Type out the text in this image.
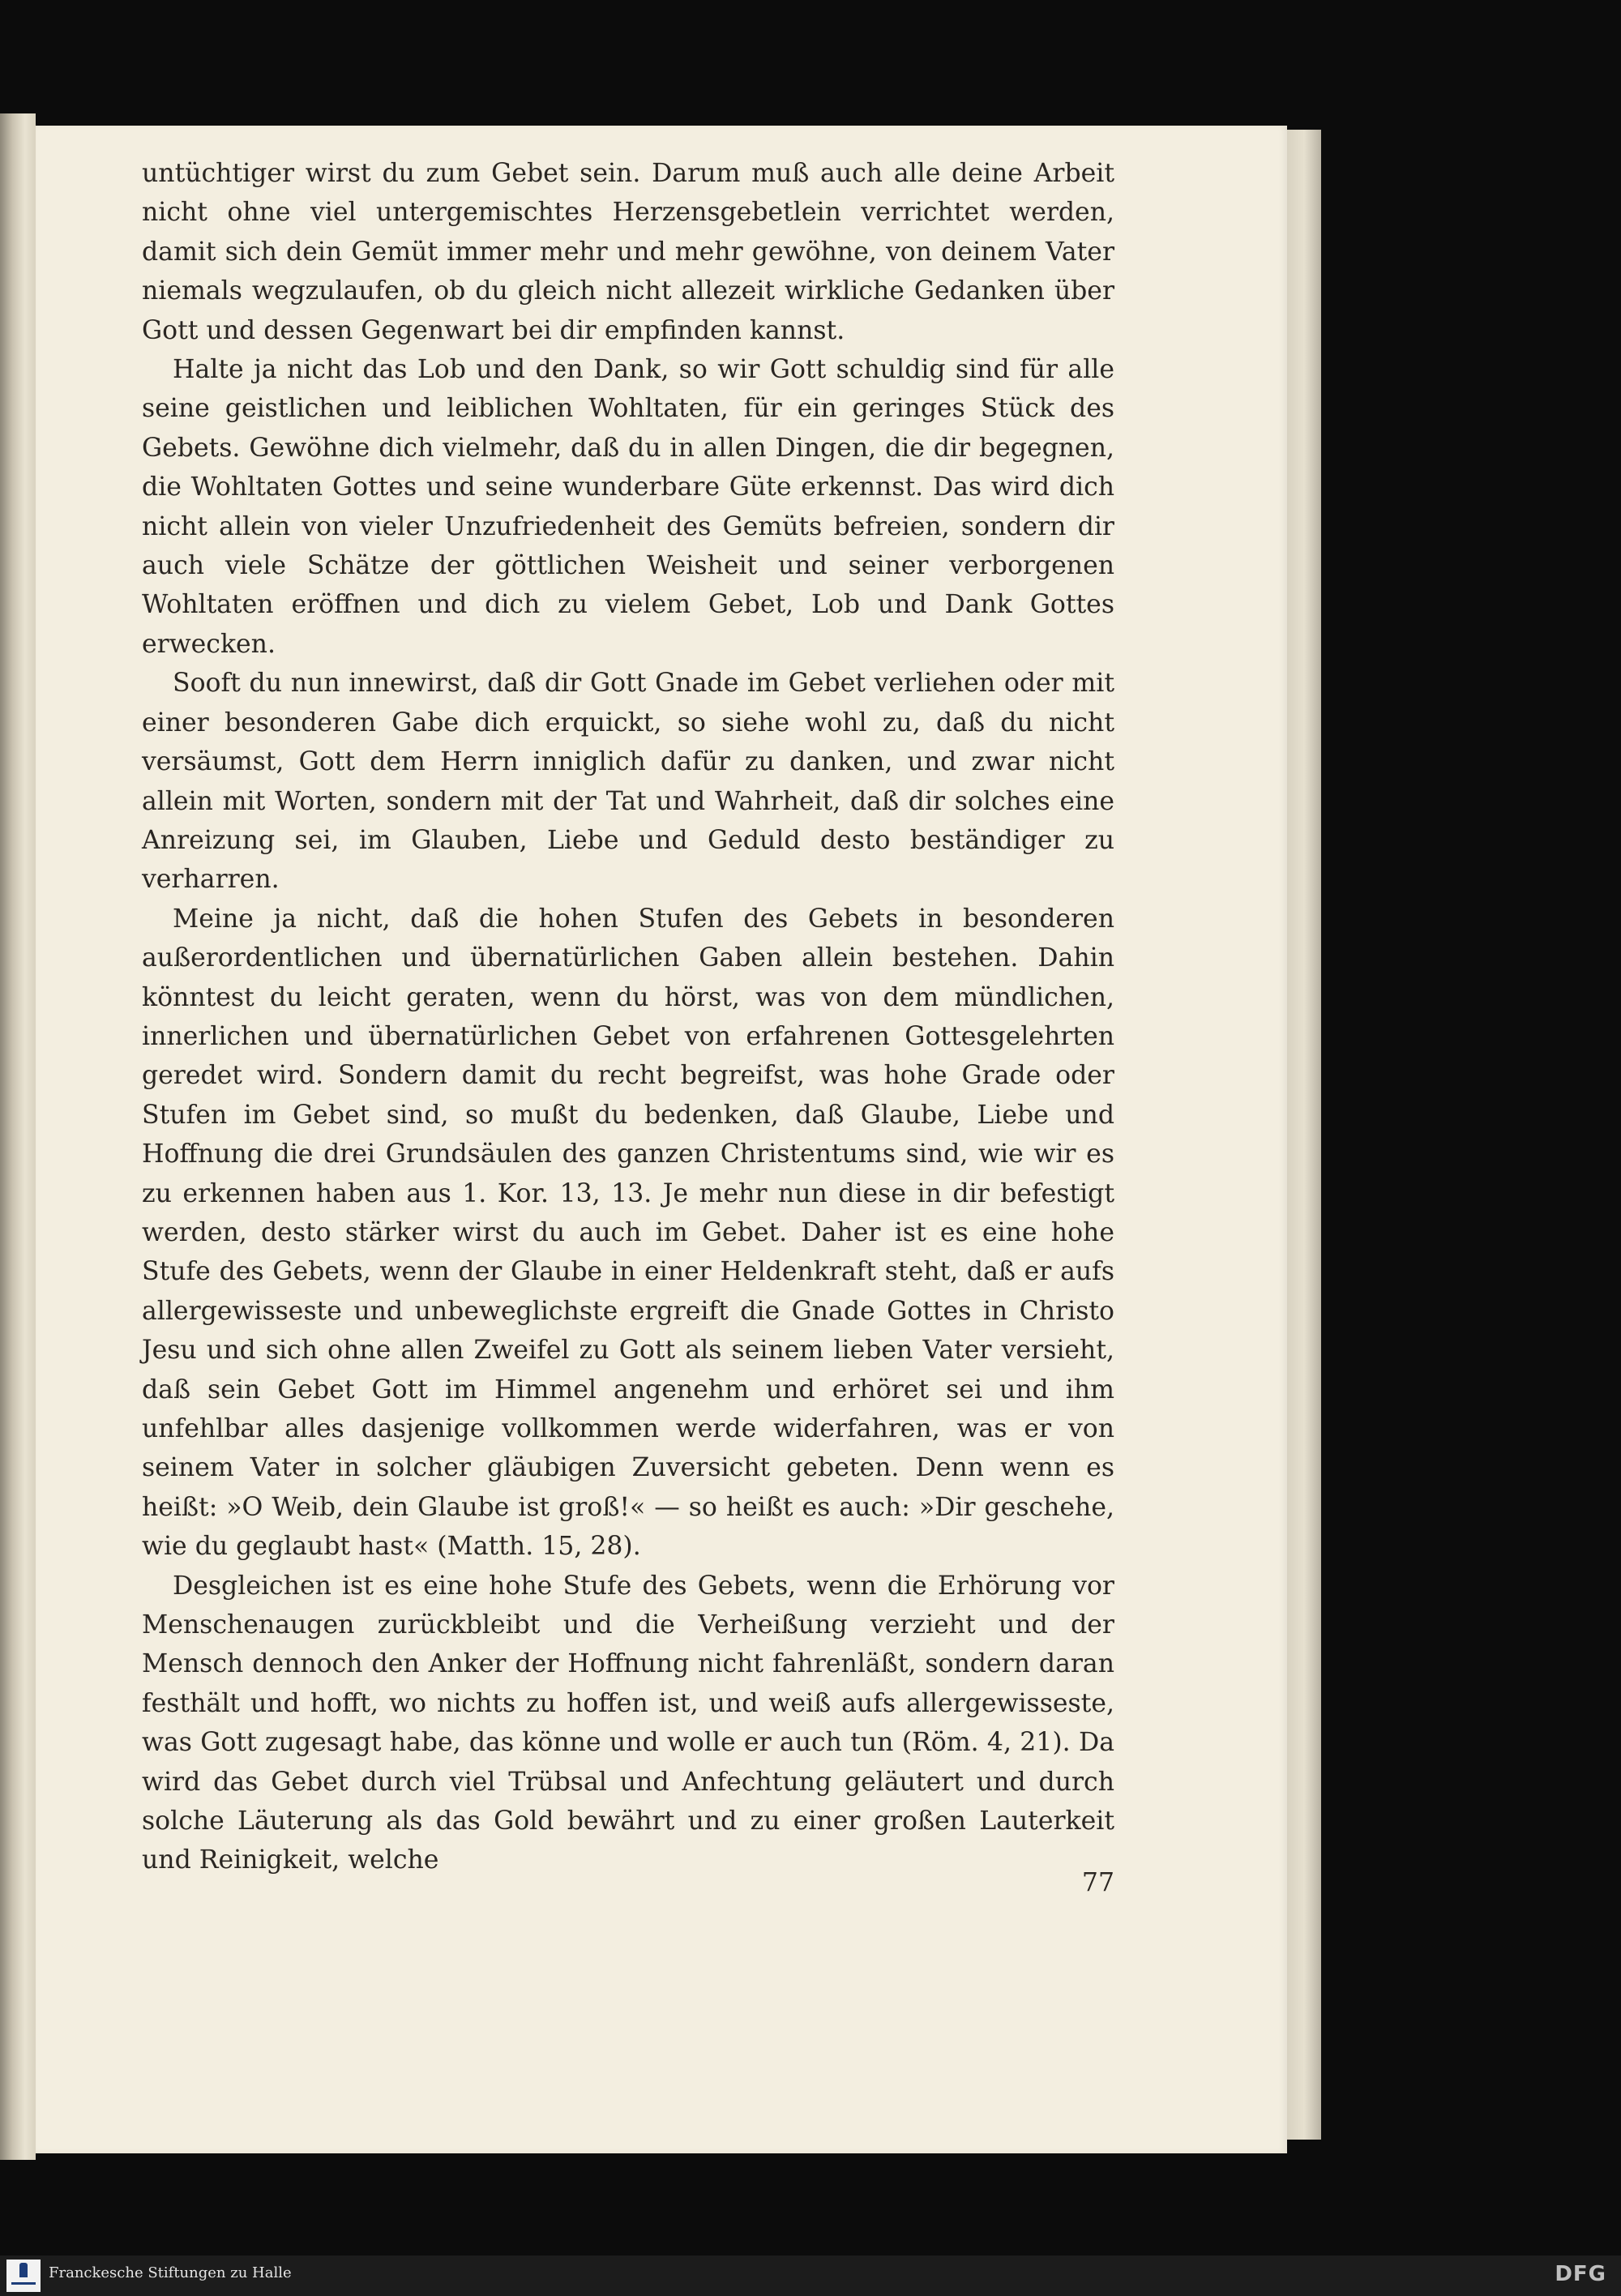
untüchtiger wirst du zum Gebet sein. Darum muß auch alle deine Arbeit nicht ohne viel untergemischtes Herzensgebetlein verrichtet werden, damit sich dein Gemüt immer mehr und mehr gewöhne, von deinem Vater niemals wegzulaufen, ob du gleich nicht allezeit wirkliche Gedanken über Gott und dessen Gegenwart bei dir empfinden kannst.

Halte ja nicht das Lob und den Dank, so wir Gott schuldig sind für alle seine geistlichen und leiblichen Wohltaten, für ein geringes Stück des Gebets. Gewöhne dich vielmehr, daß du in allen Dingen, die dir begegnen, die Wohltaten Gottes und seine wunderbare Güte erkennst. Das wird dich nicht allein von vieler Unzufriedenheit des Gemüts befreien, sondern dir auch viele Schätze der göttlichen Weisheit und seiner verborgenen Wohltaten eröffnen und dich zu vielem Gebet, Lob und Dank Gottes erwecken.

Sooft du nun innewirst, daß dir Gott Gnade im Gebet verliehen oder mit einer besonderen Gabe dich erquickt, so siehe wohl zu, daß du nicht versäumst, Gott dem Herrn inniglich dafür zu danken, und zwar nicht allein mit Worten, sondern mit der Tat und Wahrheit, daß dir solches eine Anreizung sei, im Glauben, Liebe und Geduld desto beständiger zu verharren.

Meine ja nicht, daß die hohen Stufen des Gebets in besonderen außerordentlichen und übernatürlichen Gaben allein bestehen. Dahin könntest du leicht geraten, wenn du hörst, was von dem mündlichen, innerlichen und übernatürlichen Gebet von erfahrenen Gottesgelehrten geredet wird. Sondern damit du recht begreifst, was hohe Grade oder Stufen im Gebet sind, so mußt du bedenken, daß Glaube, Liebe und Hoffnung die drei Grundsäulen des ganzen Christentums sind, wie wir es zu erkennen haben aus 1. Kor. 13, 13. Je mehr nun diese in dir befestigt werden, desto stärker wirst du auch im Gebet. Daher ist es eine hohe Stufe des Gebets, wenn der Glaube in einer Heldenkraft steht, daß er aufs allergewisseste und unbeweglichste ergreift die Gnade Gottes in Christo Jesu und sich ohne allen Zweifel zu Gott als seinem lieben Vater versieht, daß sein Gebet Gott im Himmel angenehm und erhöret sei und ihm unfehlbar alles dasjenige vollkommen werde widerfahren, was er von seinem Vater in solcher gläubigen Zuversicht gebeten. Denn wenn es heißt: »O Weib, dein Glaube ist groß!« — so heißt es auch: »Dir geschehe, wie du geglaubt hast« (Matth. 15, 28).

Desgleichen ist es eine hohe Stufe des Gebets, wenn die Erhörung vor Menschenaugen zurückbleibt und die Verheißung verzieht und der Mensch dennoch den Anker der Hoffnung nicht fahrenläßt, sondern daran festhält und hofft, wo nichts zu hoffen ist, und weiß aufs allergewisseste, was Gott zugesagt habe, das könne und wolle er auch tun (Röm. 4, 21). Da wird das Gebet durch viel Trübsal und Anfechtung geläutert und durch solche Läuterung als das Gold bewährt und zu einer großen Lauterkeit und Reinigkeit, welche

77
Franckesche Stiftungen zu Halle	DFG
